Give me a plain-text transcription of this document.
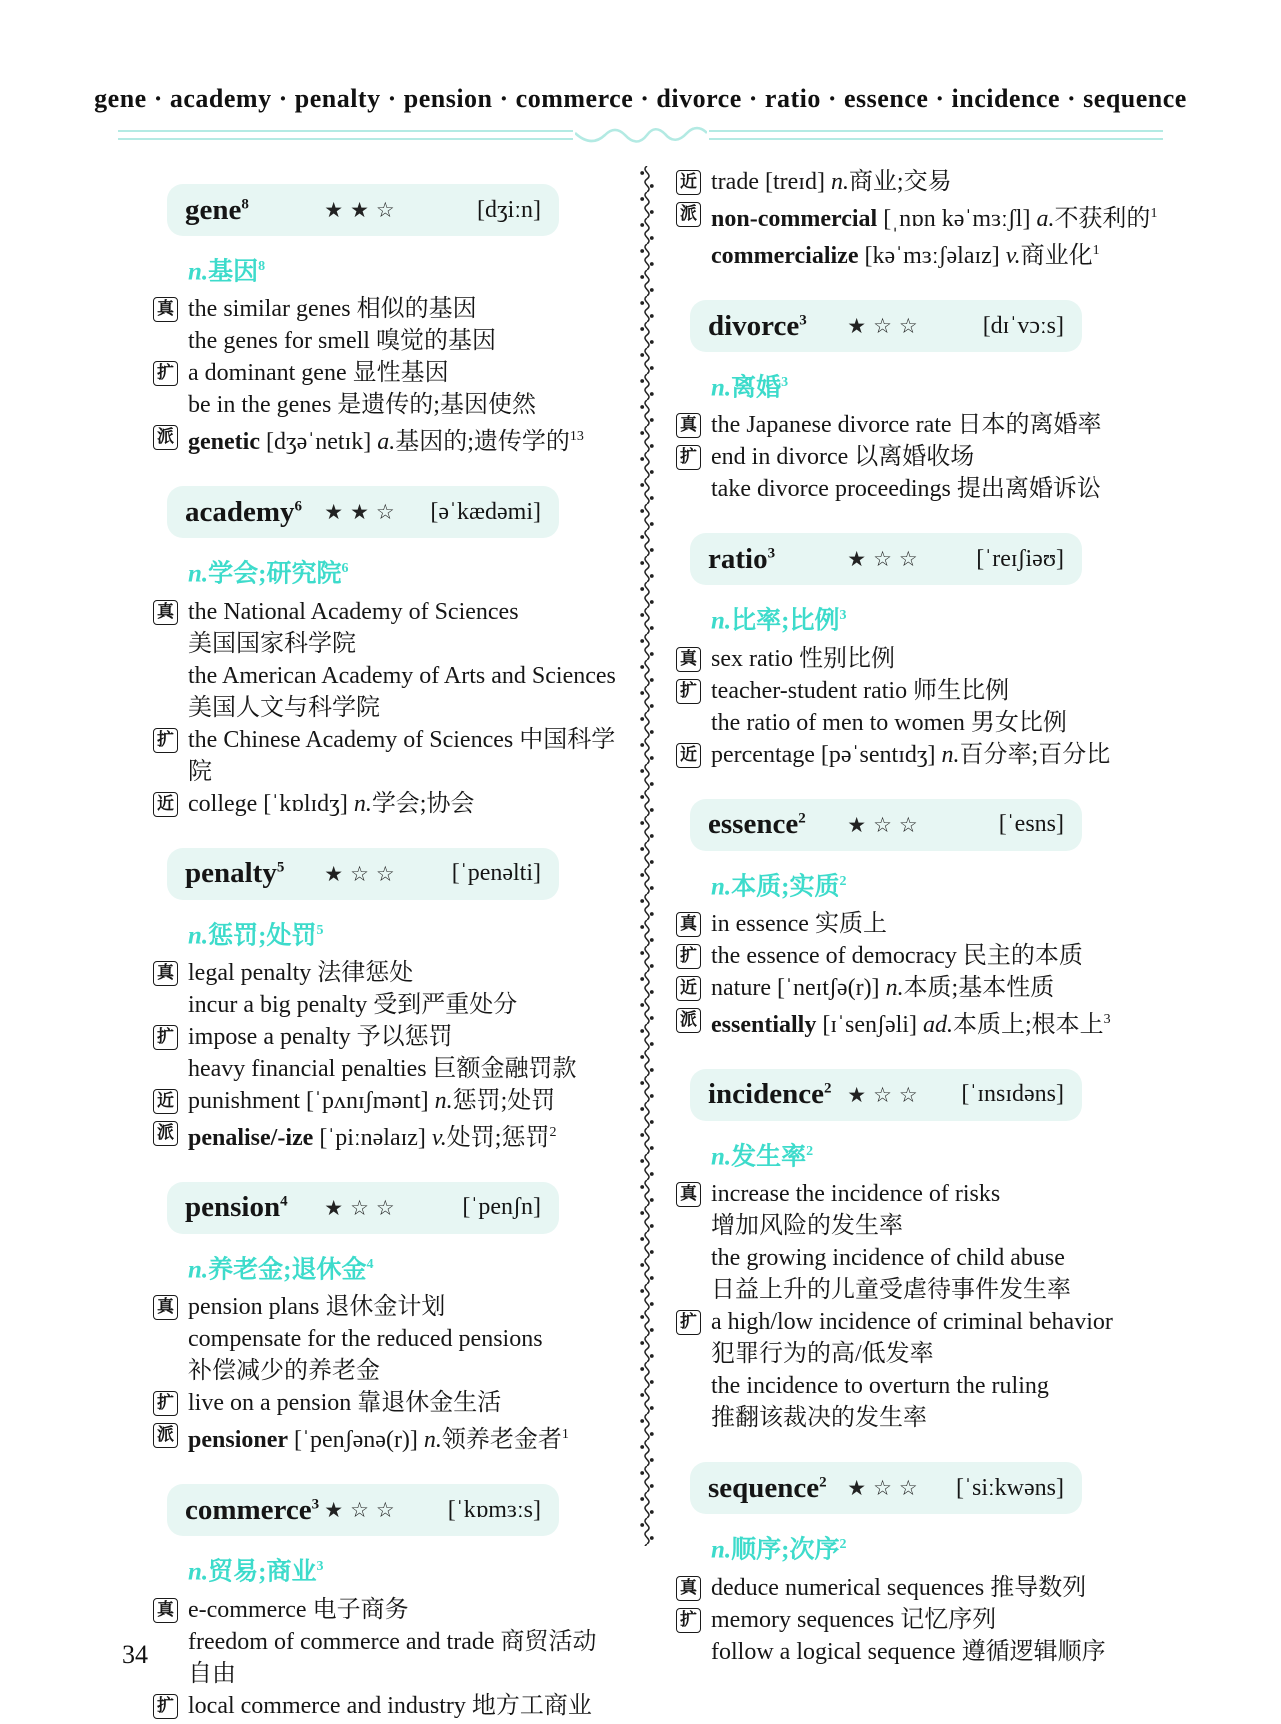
gene · academy · penalty · pension · commerce · divorce · ratio · essence · incidence · sequence
gene$^8$	★★☆	[dʒiːn]
n.基因$^8$
真 the similar genes 相似的基因
the genes for smell 嗅觉的基因
扩 a dominant gene 显性基因
be in the genes 是遗传的;基因使然
派 genetic [dʒəˈnetɪk] a.基因的;遗传学的$^{13}$
academy$^6$ ★★☆ [əˈkædəmi]
n.学会;研究院$^6$
真 the National Academy of Sciences
美国国家科学院
the American Academy of Arts and Sciences
美国人文与科学院
扩 the Chinese Academy of Sciences 中国科学院
近 college [ˈkɒlɪdʒ] n.学会;协会
penalty$^5$ ★☆☆ [ˈpenəlti]
n.惩罚;处罚$^5$
真 legal penalty 法律惩处
incur a big penalty 受到严重处分
扩 impose a penalty 予以惩罚
heavy financial penalties 巨额金融罚款
近 punishment [ˈpʌnɪʃmənt] n.惩罚;处罚
派 penalise/-ize [ˈpiːnəlaɪz] v.处罚;惩罚$^2$
pension$^4$ ★☆☆	[ˈpenʃn]
n.养老金;退休金$^4$
真 pension plans 退休金计划
compensate for the reduced pensions
补偿减少的养老金
扩 live on a pension 靠退休金生活
派 pensioner [ˈpenʃənə(r)] n.领养老金者$^1$
commerce$^3$ ★☆☆ [ˈkɒmɜːs]
n.贸易;商业$^3$
真 e-commerce 电子商务
freedom of commerce and trade 商贸活动自由
扩 local commerce and industry 地方工商业
近 trade [treɪd] n.商业;交易
派 non-commercial [ˌnɒn kəˈmɜːʃl] a.不获利的$^1$
commercialize [kəˈmɜːʃəlaɪz] v.商业化$^1$
divorce$^3$ ★☆☆ [dɪˈvɔːs]
n.离婚$^3$
真 the Japanese divorce rate 日本的离婚率
扩 end in divorce 以离婚收场
take divorce proceedings 提出离婚诉讼
ratio$^3$	★☆☆ [ˈreɪʃiəʊ]
n.比率;比例$^3$
真 sex ratio 性别比例
扩 teacher-student ratio 师生比例
the ratio of men to women 男女比例
近 percentage [pəˈsentɪdʒ] n.百分率;百分比
essence$^2$ ★☆☆	[ˈesns]
n.本质;实质$^2$
真 in essence 实质上
扩 the essence of democracy 民主的本质
近 nature [ˈneɪtʃə(r)] n.本质;基本性质
派 essentially [ɪˈsenʃəli] ad.本质上;根本上$^3$
incidence$^2$ ★☆☆ [ˈɪnsɪdəns]
n.发生率$^2$
真 increase the incidence of risks
增加风险的发生率
the growing incidence of child abuse
日益上升的儿童受虐待事件发生率
扩 a high/low incidence of criminal behavior
犯罪行为的高/低发率
the incidence to overturn the ruling
推翻该裁决的发生率
sequence$^2$ ★☆☆ [ˈsiːkwəns]
n.顺序;次序$^2$
真 deduce numerical sequences 推导数列
扩 memory sequences 记忆序列
follow a logical sequence 遵循逻辑顺序
34
